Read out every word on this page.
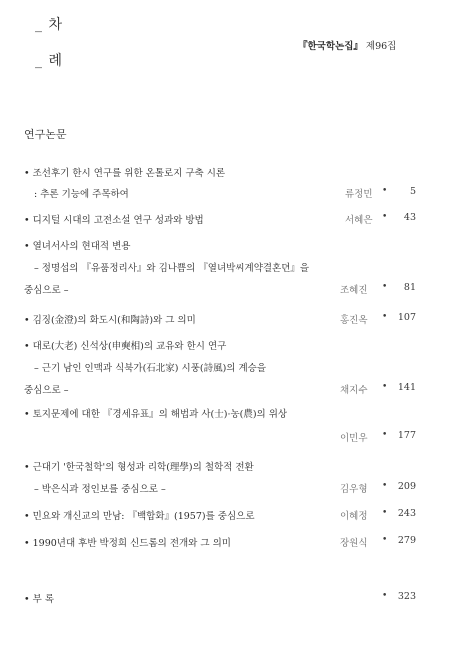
_ 차
_ 례
『한국학논집』 제96집
연구논문
• 조선후기 한시 연구를 위한 온톨로지 구축 시론
: 추론 기능에 주목하여	류정민 •	5
• 디지털 시대의 고전소설 연구 성과와 방법	서혜은 •	43
• 열녀서사의 현대적 변용
– 정명섭의 『유품정리사』와 김나쁨의 『열녀박씨계약결혼뎐』을
중심으로 –	조혜진 •	81
• 김징(金澄)의 화도시(和陶詩)와 그 의미	홍진옥 •	107
• 대로(大老) 신석상(申奭相)의 교유와 한시 연구
– 근기 남인 인맥과 식북가(石北家) 시풍(詩風)의 계승을
중심으로 –	채지수 •	141
• 토지문제에 대한 『경세유표』의 해법과 사(士)·농(農)의 위상
이민우 •	177
• 근대기 '한국철학'의 형성과 리학(理學)의 철학적 전환
– 박은식과 정인보를 중심으로 –	김우형 •	209
• 민요와 개신교의 만남: 『백합화』(1957)를 중심으로	이혜정 •	243
• 1990년대 후반 박정희 신드롬의 전개와 그 의미	장원식 •	279
• 부 록	•	323
